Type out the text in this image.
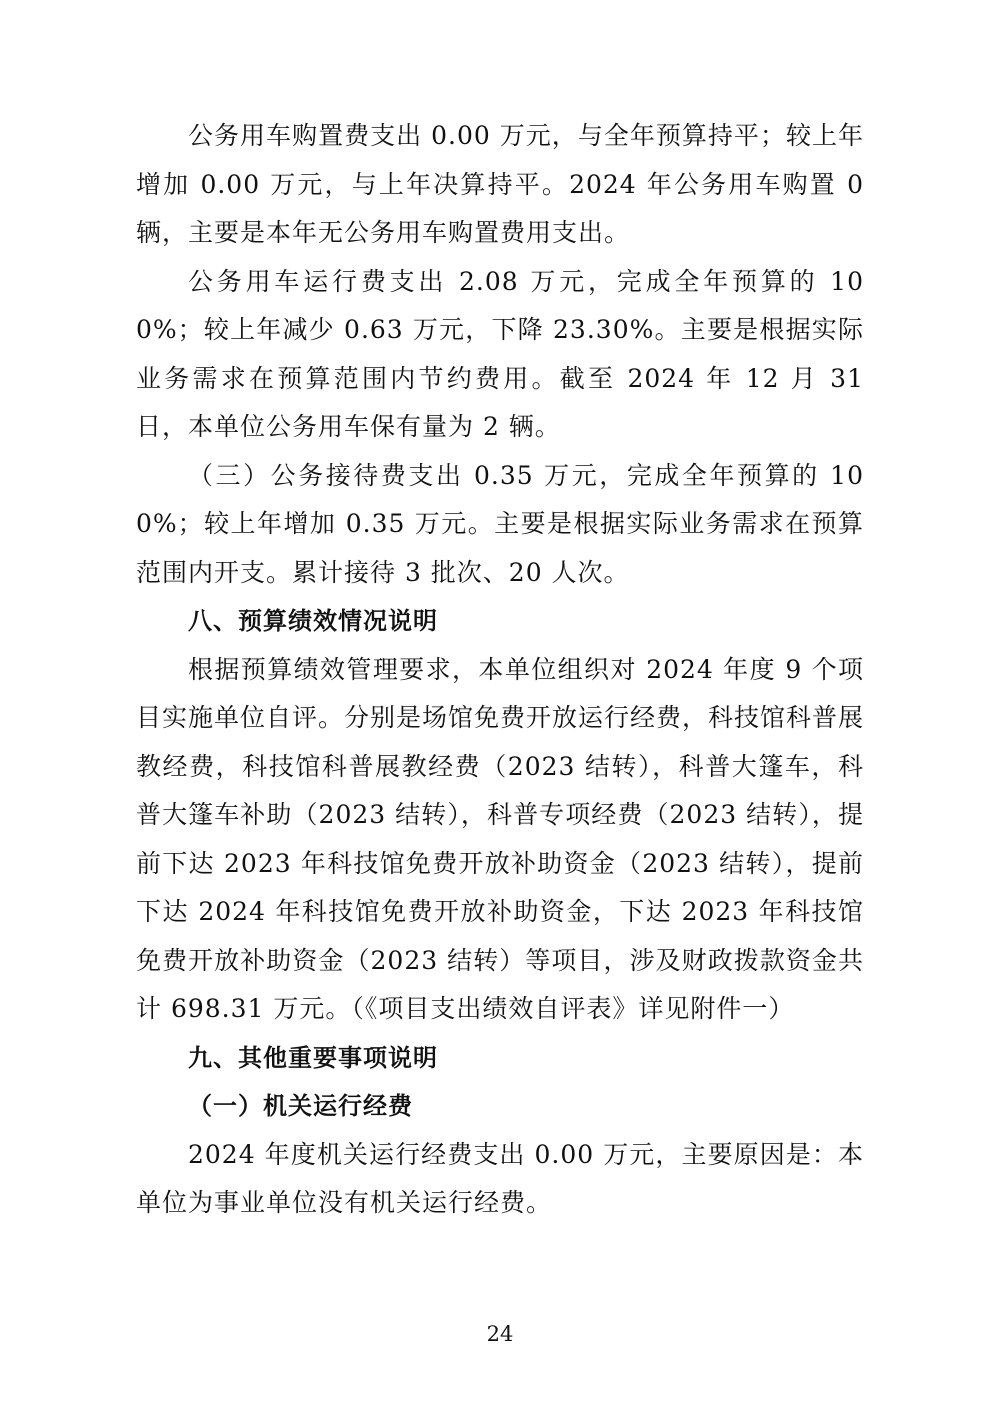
公务用车购置费支出 0.00 万元，与全年预算持平；较上年增加 0.00 万元，与上年决算持平。2024 年公务用车购置 0 辆，主要是本年无公务用车购置费用支出。

公务用车运行费支出 2.08 万元，完成全年预算的 100%；较上年减少 0.63 万元，下降 23.30%。主要是根据实际业务需求在预算范围内节约费用。截至 2024 年 12 月 31 日，本单位公务用车保有量为 2 辆。

（三）公务接待费支出 0.35 万元，完成全年预算的 100%；较上年增加 0.35 万元。主要是根据实际业务需求在预算范围内开支。累计接待 3 批次、20 人次。

八、预算绩效情况说明

根据预算绩效管理要求，本单位组织对 2024 年度 9 个项目实施单位自评。分别是场馆免费开放运行经费，科技馆科普展教经费，科技馆科普展教经费（2023 结转），科普大篷车，科普大篷车补助（2023 结转），科普专项经费（2023 结转），提前下达 2023 年科技馆免费开放补助资金（2023 结转），提前下达 2024 年科技馆免费开放补助资金，下达 2023 年科技馆免费开放补助资金（2023 结转）等项目，涉及财政拨款资金共计 698.31 万元。（《项目支出绩效自评表》详见附件一）

九、其他重要事项说明

（一）机关运行经费

2024 年度机关运行经费支出 0.00 万元，主要原因是：本单位为事业单位没有机关运行经费。

24
